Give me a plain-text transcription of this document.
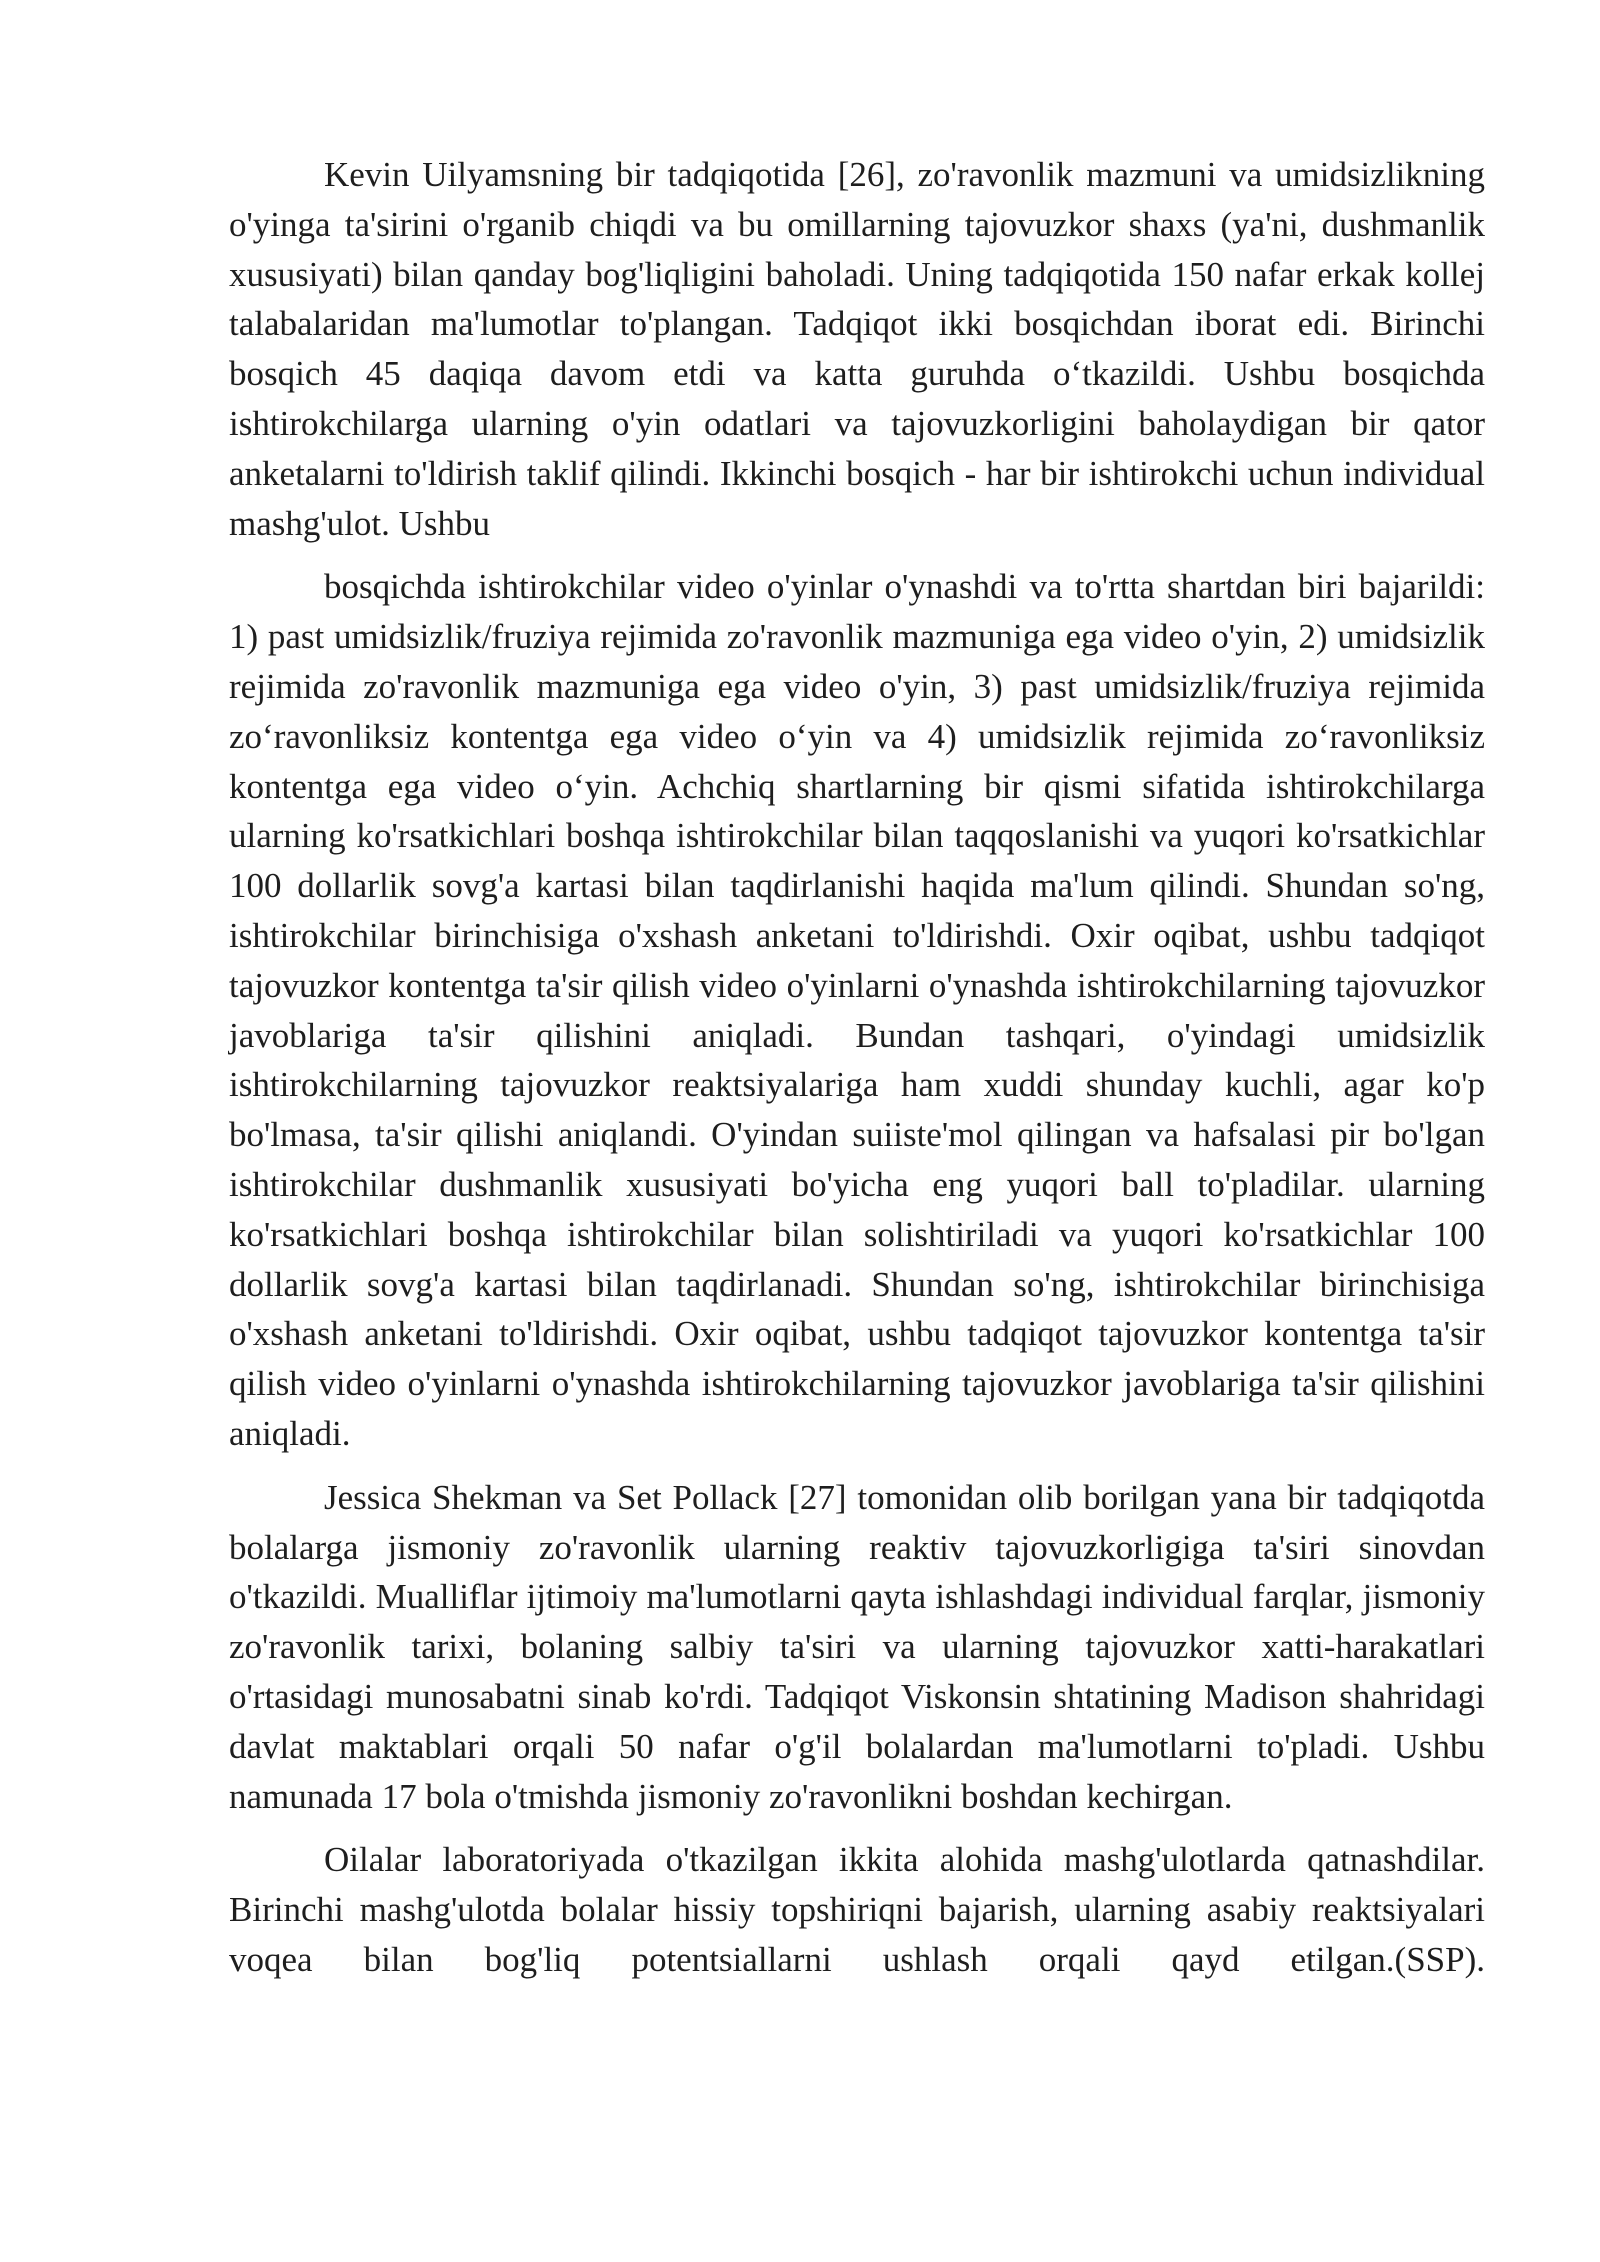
Kevin Uilyamsning bir tadqiqotida [26], zo'ravonlik mazmuni va umidsizlikning o'yinga ta'sirini o'rganib chiqdi va bu omillarning tajovuzkor shaxs (ya'ni, dushmanlik xususiyati) bilan qanday bog'liqligini baholadi. Uning tadqiqotida 150 nafar erkak kollej talabalaridan ma'lumotlar to'plangan. Tadqiqot ikki bosqichdan iborat edi. Birinchi bosqich 45 daqiqa davom etdi va katta guruhda o‘tkazildi. Ushbu bosqichda ishtirokchilarga ularning o'yin odatlari va tajovuzkorligini baholaydigan bir qator anketalarni to'ldirish taklif qilindi. Ikkinchi bosqich - har bir ishtirokchi uchun individual mashg'ulot. Ushbu

bosqichda ishtirokchilar video o'yinlar o'ynashdi va to'rtta shartdan biri bajarildi: 1) past umidsizlik/fruziya rejimida zo'ravonlik mazmuniga ega video o'yin, 2) umidsizlik rejimida zo'ravonlik mazmuniga ega video o'yin, 3) past umidsizlik/fruziya rejimida zo‘ravonliksiz kontentga ega video o‘yin va 4) umidsizlik rejimida zo‘ravonliksiz kontentga ega video o‘yin. Achchiq shartlarning bir qismi sifatida ishtirokchilarga ularning ko'rsatkichlari boshqa ishtirokchilar bilan taqqoslanishi va yuqori ko'rsatkichlar 100 dollarlik sovg'a kartasi bilan taqdirlanishi haqida ma'lum qilindi. Shundan so'ng, ishtirokchilar birinchisiga o'xshash anketani to'ldirishdi. Oxir oqibat, ushbu tadqiqot tajovuzkor kontentga ta'sir qilish video o'yinlarni o'ynashda ishtirokchilarning tajovuzkor javoblariga ta'sir qilishini aniqladi. Bundan tashqari, o'yindagi umidsizlik ishtirokchilarning tajovuzkor reaktsiyalariga ham xuddi shunday kuchli, agar ko'p bo'lmasa, ta'sir qilishi aniqlandi. O'yindan suiiste'mol qilingan va hafsalasi pir bo'lgan ishtirokchilar dushmanlik xususiyati bo'yicha eng yuqori ball to'pladilar. ularning ko'rsatkichlari boshqa ishtirokchilar bilan solishtiriladi va yuqori ko'rsatkichlar 100 dollarlik sovg'a kartasi bilan taqdirlanadi. Shundan so'ng, ishtirokchilar birinchisiga o'xshash anketani to'ldirishdi. Oxir oqibat, ushbu tadqiqot tajovuzkor kontentga ta'sir qilish video o'yinlarni o'ynashda ishtirokchilarning tajovuzkor javoblariga ta'sir qilishini aniqladi.

Jessica Shekman va Set Pollack [27] tomonidan olib borilgan yana bir tadqiqotda bolalarga jismoniy zo'ravonlik ularning reaktiv tajovuzkorligiga ta'siri sinovdan o'tkazildi. Mualliflar ijtimoiy ma'lumotlarni qayta ishlashdagi individual farqlar, jismoniy zo'ravonlik tarixi, bolaning salbiy ta'siri va ularning tajovuzkor xatti-harakatlari o'rtasidagi munosabatni sinab ko'rdi. Tadqiqot Viskonsin shtatining Madison shahridagi davlat maktablari orqali 50 nafar o'g'il bolalardan ma'lumotlarni to'pladi. Ushbu namunada 17 bola o'tmishda jismoniy zo'ravonlikni boshdan kechirgan.

Oilalar laboratoriyada o'tkazilgan ikkita alohida mashg'ulotlarda qatnashdilar. Birinchi mashg'ulotda bolalar hissiy topshiriqni bajarish, ularning asabiy reaktsiyalari voqea bilan bog'liq potentsiallarni ushlash orqali qayd etilgan.(SSP).
